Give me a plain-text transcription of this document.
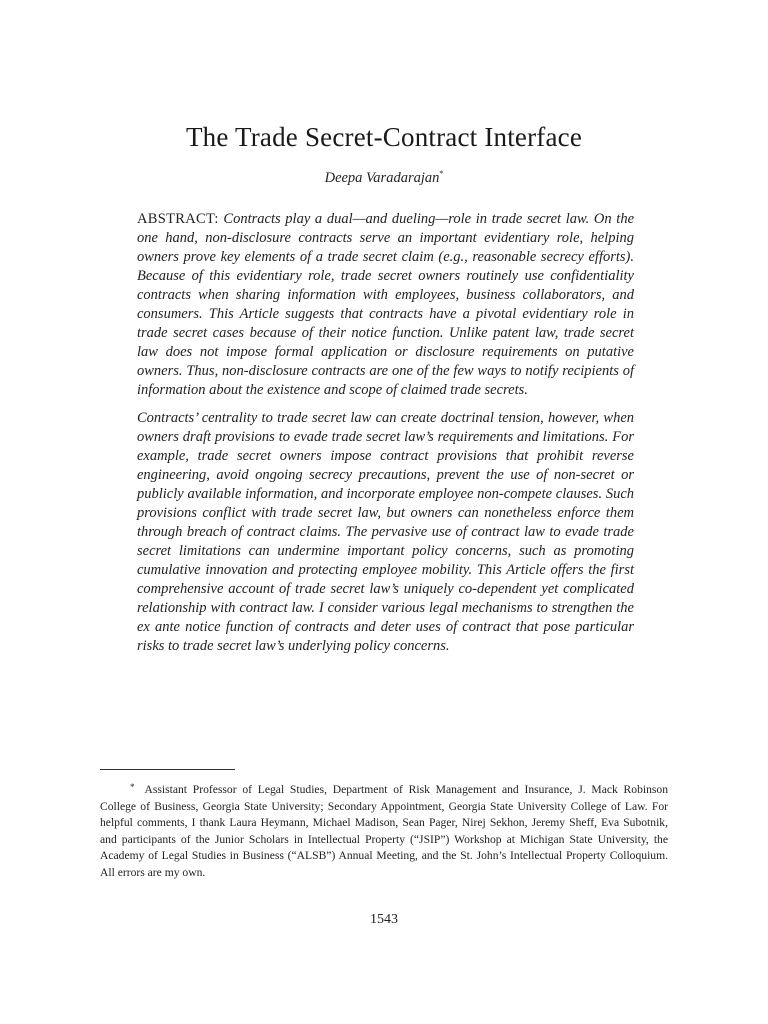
The Trade Secret-Contract Interface
Deepa Varadarajan*

ABSTRACT: Contracts play a dual—and dueling—role in trade secret law. On the one hand, non-disclosure contracts serve an important evidentiary role, helping owners prove key elements of a trade secret claim (e.g., reasonable secrecy efforts). Because of this evidentiary role, trade secret owners routinely use confidentiality contracts when sharing information with employees, business collaborators, and consumers. This Article suggests that contracts have a pivotal evidentiary role in trade secret cases because of their notice function. Unlike patent law, trade secret law does not impose formal application or disclosure requirements on putative owners. Thus, non-disclosure contracts are one of the few ways to notify recipients of information about the existence and scope of claimed trade secrets.

Contracts’ centrality to trade secret law can create doctrinal tension, however, when owners draft provisions to evade trade secret law’s requirements and limitations. For example, trade secret owners impose contract provisions that prohibit reverse engineering, avoid ongoing secrecy precautions, prevent the use of non-secret or publicly available information, and incorporate employee non-compete clauses. Such provisions conflict with trade secret law, but owners can nonetheless enforce them through breach of contract claims. The pervasive use of contract law to evade trade secret limitations can undermine important policy concerns, such as promoting cumulative innovation and protecting employee mobility. This Article offers the first comprehensive account of trade secret law’s uniquely co-dependent yet complicated relationship with contract law. I consider various legal mechanisms to strengthen the ex ante notice function of contracts and deter uses of contract that pose particular risks to trade secret law’s underlying policy concerns.

* Assistant Professor of Legal Studies, Department of Risk Management and Insurance, J. Mack Robinson College of Business, Georgia State University; Secondary Appointment, Georgia State University College of Law. For helpful comments, I thank Laura Heymann, Michael Madison, Sean Pager, Nirej Sekhon, Jeremy Sheff, Eva Subotnik, and participants of the Junior Scholars in Intellectual Property (“JSIP”) Workshop at Michigan State University, the Academy of Legal Studies in Business (“ALSB”) Annual Meeting, and the St. John’s Intellectual Property Colloquium. All errors are my own.
1543
